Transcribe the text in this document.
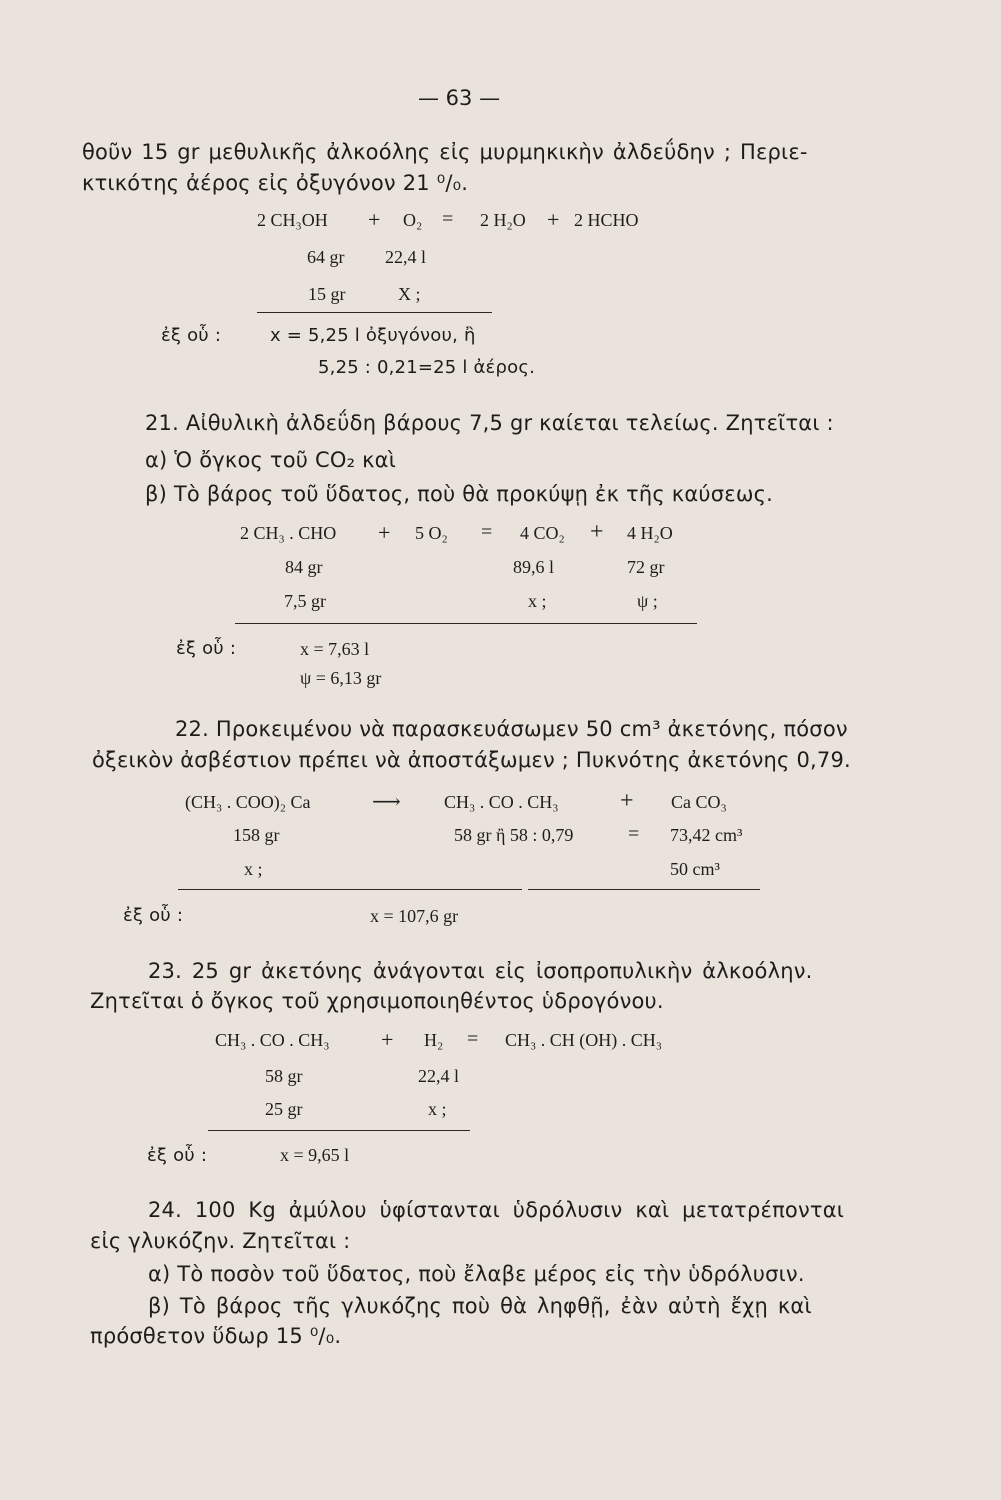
— 63 —
θοῦν 15 gr μεθυλικῆς ἀλκοόλης εἰς μυρμηκικὴν ἀλδεΰδην ; Περιε-
κτικότης ἀέρος εἰς ὀξυγόνον 21 ⁰/₀.
2 CH₃OH + O₂ = 2 H₂O + 2 HCHO
64 gr 22,4 l
15 gr	X ;
ἐξ οὗ :	x = 5,25 l ὀξυγόνου, ἢ
5,25 : 0,21=25 l ἀέρος.
21. Αἰθυλικὴ ἀλδεΰδη βάρους 7,5 gr καίεται τελείως. Ζητεῖται :
α) Ὁ ὄγκος τοῦ CO₂ καὶ
β) Τὸ βάρος τοῦ ὕδατος, ποὺ θὰ προκύψῃ ἐκ τῆς καύσεως.
2 CH₃ . CHO + 5 O₂ = 4 CO₂ + 4 H₂O
84 gr	89,6 l	72 gr
7,5 gr	x ;	ψ ;
ἐξ οὗ :	x = 7,63 l
ψ = 6,13 gr
22. Προκειμένου νὰ παρασκευάσωμεν 50 cm³ ἀκετόνης, πόσον
ὀξεικὸν ἀσβέστιον πρέπει νὰ ἀποστάξωμεν ; Πυκνότης ἀκετόνης 0,79.
(CH₃ . COO)₂ Ca	⟶ CH₃ . CO . CH₃	+ Ca CO₃
158 gr	58 gr ἢ 58 : 0,79	= 73,42 cm³
x ;	50 cm³
ἐξ οὗ :	x = 107,6 gr
23. 25 gr ἀκετόνης ἀνάγονται εἰς ἰσοπροπυλικὴν ἀλκοόλην.
Ζητεῖται ὁ ὄγκος τοῦ χρησιμοποιηθέντος ὑδρογόνου.
CH₃ . CO . CH₃ + H₂ = CH₃ . CH (OH) . CH₃
58 gr	22,4 l
25 gr	x ;
ἐξ οὗ :	x = 9,65 l
24. 100 Kg ἀμύλου ὑφίστανται ὑδρόλυσιν καὶ μετατρέπονται
εἰς γλυκόζην. Ζητεῖται :
α) Τὸ ποσὸν τοῦ ὕδατος, ποὺ ἔλαβε μέρος εἰς τὴν ὑδρόλυσιν.
β) Τὸ βάρος τῆς γλυκόζης ποὺ θὰ ληφθῇ, ἐὰν αὐτὴ ἔχῃ καὶ
πρόσθετον ὕδωρ 15 ⁰/₀.
